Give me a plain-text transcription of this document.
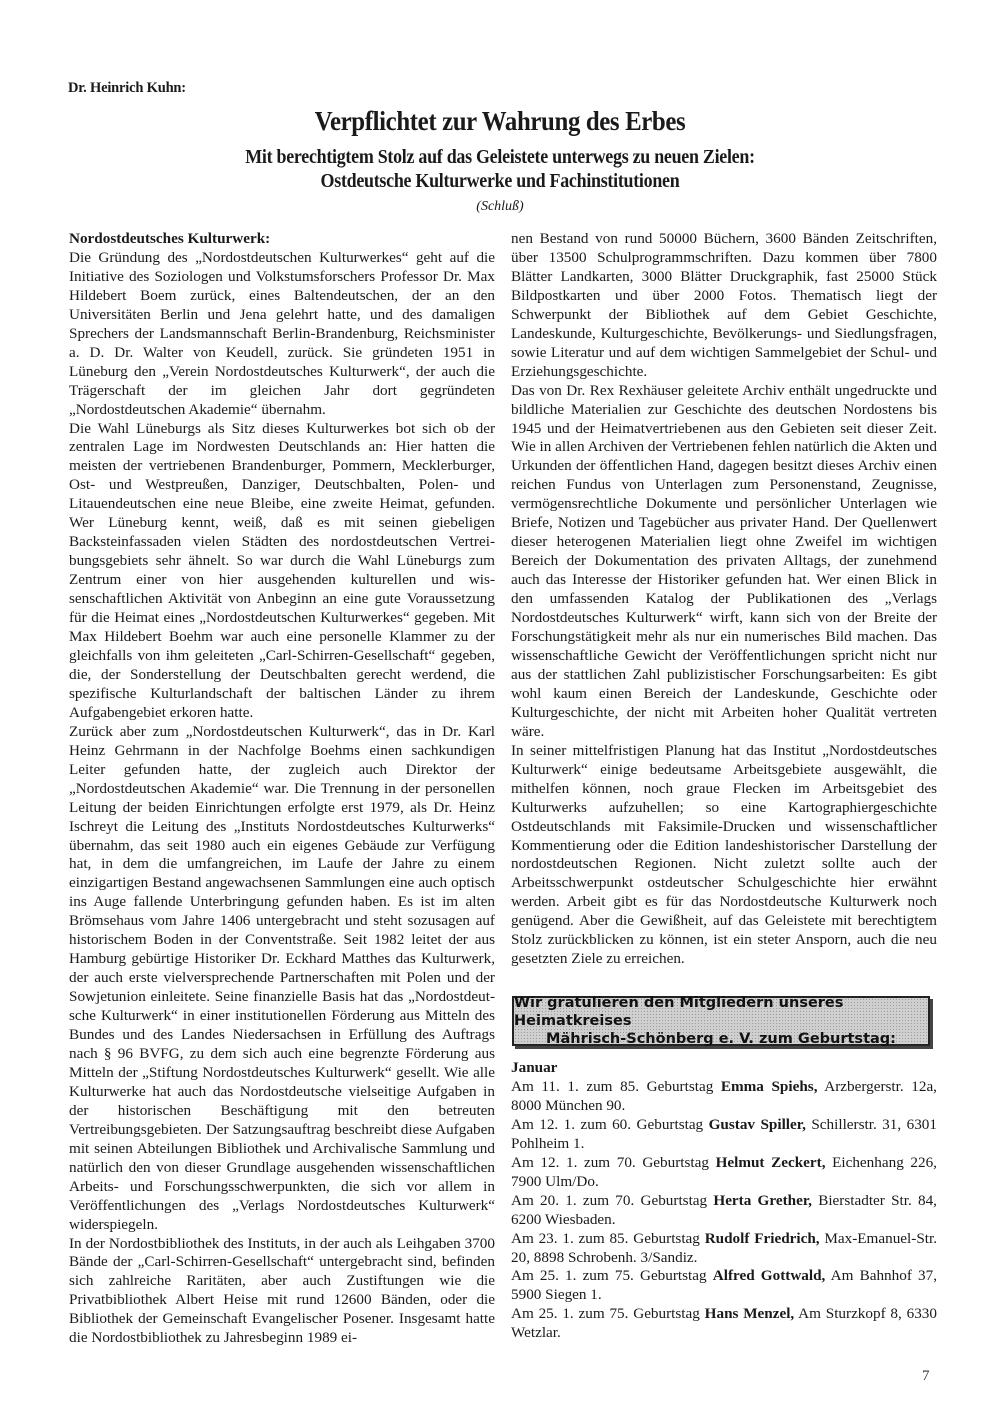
Dr. Heinrich Kuhn:
Verpflichtet zur Wahrung des Erbes
Mit berechtigtem Stolz auf das Geleistete unterwegs zu neuen Zielen:
Ostdeutsche Kulturwerke und Fachinstitutionen
(Schluß)

Nordostdeutsches Kulturwerk:

Die Gründung des „Nordostdeutschen Kulturwerkes“ geht auf die Initiative des Soziologen und Volkstumsforschers Professor Dr. Max Hildebert Boem zurück, eines Baltendeutschen, der an den Universitäten Berlin und Jena gelehrt hatte, und des damaligen Sprechers der Landsmannschaft Berlin-Brandenburg, Reichsminister a. D. Dr. Walter von Keudell, zurück. Sie gründeten 1951 in Lüneburg den „Verein Nordostdeutsches Kulturwerk“, der auch die Trägerschaft der im gleichen Jahr dort gegründeten „Nordostdeutschen Akademie“ übernahm.

Die Wahl Lüneburgs als Sitz dieses Kulturwerkes bot sich ob der zentralen Lage im Nordwesten Deutschlands an: Hier hatten die meisten der vertriebenen Brandenburger, Pommern, Mecklerburger, Ost- und Westpreußen, Danziger, Deutschbalten, Polen- und Litauendeutschen eine neue Bleibe, eine zweite Heimat, gefunden. Wer Lüneburg kennt, weiß, daß es mit seinen giebeligen Backsteinfassaden vielen Städten des nordostdeutschen Vertreibungsgebiets sehr ähnelt. So war durch die Wahl Lüneburgs zum Zentrum einer von hier ausgehenden kulturellen und wissenschaftlichen Aktivität von Anbeginn an eine gute Voraussetzung für die Heimat eines „Nordostdeutschen Kulturwerkes“ gegeben. Mit Max Hildebert Boehm war auch eine personelle Klammer zu der gleichfalls von ihm geleiteten „Carl-Schirren-Gesellschaft“ gegeben, die, der Sonderstellung der Deutschbalten gerecht werdend, die spezifische Kulturlandschaft der baltischen Länder zu ihrem Aufgabengebiet erkoren hatte.

Zurück aber zum „Nordostdeutschen Kulturwerk“, das in Dr. Karl Heinz Gehrmann in der Nachfolge Boehms einen sachkundigen Leiter gefunden hatte, der zugleich auch Direktor der „Nordostdeutschen Akademie“ war. Die Trennung in der personellen Leitung der beiden Einrichtungen erfolgte erst 1979, als Dr. Heinz Ischreyt die Leitung des „Instituts Nordostdeutsches Kulturwerks“ übernahm, das seit 1980 auch ein eigenes Gebäude zur Verfügung hat, in dem die umfangreichen, im Laufe der Jahre zu einem einzigartigen Bestand angewachsenen Sammlungen eine auch optisch ins Auge fallende Unterbringung gefunden haben. Es ist im alten Brömsehaus vom Jahre 1406 untergebracht und steht sozusagen auf historischem Boden in der Conventstraße. Seit 1982 leitet der aus Hamburg gebürtige Historiker Dr. Eckhard Matthes das Kulturwerk, der auch erste vielversprechende Partnerschaften mit Polen und der Sowjetunion einleitete. Seine finanzielle Basis hat das „Nordostdeutsche Kulturwerk“ in einer institutionellen Förderung aus Mitteln des Bundes und des Landes Niedersachsen in Erfüllung des Auftrags nach § 96 BVFG, zu dem sich auch eine begrenzte Förderung aus Mitteln der „Stiftung Nordostdeutsches Kulturwerk“ gesellt. Wie alle Kulturwerke hat auch das Nordostdeutsche vielseitige Aufgaben in der historischen Beschäftigung mit den betreuten Vertreibungsgebieten. Der Satzungsauftrag beschreibt diese Aufgaben mit seinen Abteilungen Bibliothek und Archivalische Sammlung und natürlich den von dieser Grundlage ausgehenden wissenschaftlichen Arbeits- und Forschungsschwerpunkten, die sich vor allem in Veröffentlichungen des „Verlags Nordostdeutsches Kulturwerk“ widerspiegeln.

In der Nordostbibliothek des Instituts, in der auch als Leihgaben 3700 Bände der „Carl-Schirren-Gesellschaft“ untergebracht sind, befinden sich zahlreiche Raritäten, aber auch Zustiftungen wie die Privatbibliothek Albert Heise mit rund 12600 Bänden, oder die Bibliothek der Gemeinschaft Evangelischer Posener. Insgesamt hatte die Nordostbibliothek zu Jahresbeginn 1989 ei-

nen Bestand von rund 50000 Büchern, 3600 Bänden Zeitschriften, über 13500 Schulprogrammschriften. Dazu kommen über 7800 Blätter Landkarten, 3000 Blätter Druckgraphik, fast 25000 Stück Bildpostkarten und über 2000 Fotos. Thematisch liegt der Schwerpunkt der Bibliothek auf dem Gebiet Geschichte, Landeskunde, Kulturgeschichte, Bevölkerungs- und Siedlungsfragen, sowie Literatur und auf dem wichtigen Sammelgebiet der Schul- und Erziehungsgeschichte.

Das von Dr. Rex Rexhäuser geleitete Archiv enthält ungedruckte und bildliche Materialien zur Geschichte des deutschen Nordostens bis 1945 und der Heimatvertriebenen aus den Gebieten seit dieser Zeit. Wie in allen Archiven der Vertriebenen fehlen natürlich die Akten und Urkunden der öffentlichen Hand, dagegen besitzt dieses Archiv einen reichen Fundus von Unterlagen zum Personenstand, Zeugnisse, vermögensrechtliche Dokumente und persönlicher Unterlagen wie Briefe, Notizen und Tagebücher aus privater Hand. Der Quellenwert dieser heterogenen Materialien liegt ohne Zweifel im wichtigen Bereich der Dokumentation des privaten Alltags, der zunehmend auch das Interesse der Historiker gefunden hat. Wer einen Blick in den umfassenden Katalog der Publikationen des „Verlags Nordostdeutsches Kulturwerk“ wirft, kann sich von der Breite der Forschungstätigkeit mehr als nur ein numerisches Bild machen. Das wissenschaftliche Gewicht der Veröffentlichungen spricht nicht nur aus der stattlichen Zahl publizistischer Forschungsarbeiten: Es gibt wohl kaum einen Bereich der Landeskunde, Geschichte oder Kulturgeschichte, der nicht mit Arbeiten hoher Qualität vertreten wäre.

In seiner mittelfristigen Planung hat das Institut „Nordostdeutsches Kulturwerk“ einige bedeutsame Arbeitsgebiete ausgewählt, die mithelfen können, noch graue Flecken im Arbeitsgebiet des Kulturwerks aufzuhellen; so eine Kartographiergeschichte Ostdeutschlands mit Faksimile-Drucken und wissenschaftlicher Kommentierung oder die Edition landeshistorischer Darstellung der nordostdeutschen Regionen. Nicht zuletzt sollte auch der Arbeitsschwerpunkt ostdeutscher Schulgeschichte hier erwähnt werden. Arbeit gibt es für das Nordostdeutsche Kulturwerk noch genügend. Aber die Gewißheit, auf das Geleistete mit berechtigtem Stolz zurückblicken zu können, ist ein steter Ansporn, auch die neu gesetzten Ziele zu erreichen.

Wir gratulieren den Mitgliedern unseres Heimatkreises
Mährisch-Schönberg e. V. zum Geburtstag:
Januar

Am 11. 1. zum 85. Geburtstag Emma Spiehs, Arzbergerstr. 12a, 8000 München 90.

Am 12. 1. zum 60. Geburtstag Gustav Spiller, Schillerstr. 31, 6301 Pohlheim 1.

Am 12. 1. zum 70. Geburtstag Helmut Zeckert, Eichenhang 226, 7900 Ulm/Do.

Am 20. 1. zum 70. Geburtstag Herta Grether, Bierstadter Str. 84, 6200 Wiesbaden.

Am 23. 1. zum 85. Geburtstag Rudolf Friedrich, Max-Emanuel-Str. 20, 8898 Schrobenh. 3/Sandiz.

Am 25. 1. zum 75. Geburtstag Alfred Gottwald, Am Bahnhof 37, 5900 Siegen 1.

Am 25. 1. zum 75. Geburtstag Hans Menzel, Am Sturzkopf 8, 6330 Wetzlar.

7
